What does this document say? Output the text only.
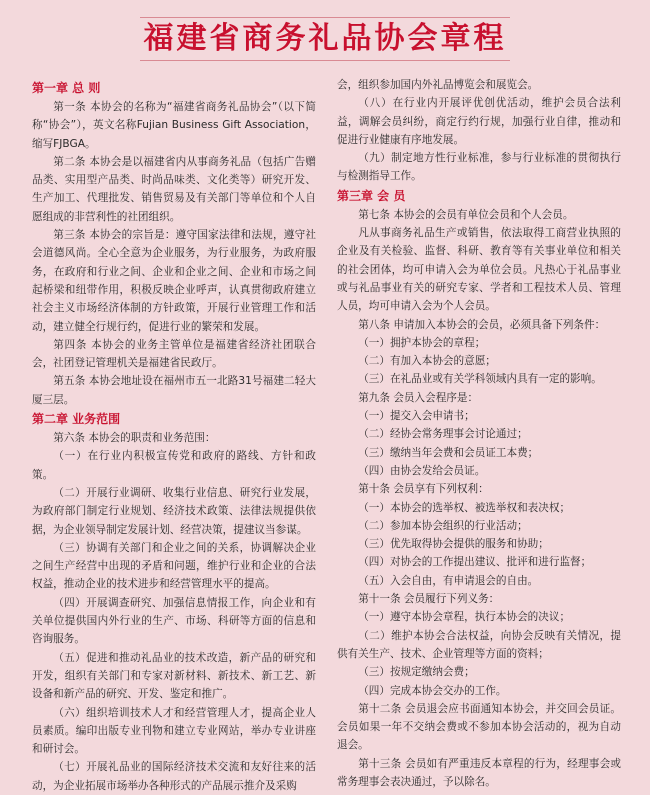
福建省商务礼品协会章程

第一章 总 则

第一条 本协会的名称为“福建省商务礼品协会”（以下简称“协会”），英文名称Fujian Business Gift Association，缩写FJBGA。

第二条 本协会是以福建省内从事商务礼品（包括广告赠品类、实用型产品类、时尚品味类、文化类等）研究开发、生产加工、代理批发、销售贸易及有关部门等单位和个人自愿组成的非营利性的社团组织。

第三条 本协会的宗旨是：遵守国家法律和法规，遵守社会道德风尚。全心全意为企业服务，为行业服务，为政府服务，在政府和行业之间、企业和企业之间、企业和市场之间起桥梁和纽带作用，积极反映企业呼声，认真贯彻政府建立社会主义市场经济体制的方针政策，开展行业管理工作和活动，建立健全行规行约，促进行业的繁荣和发展。

第四条 本协会的业务主管单位是福建省经济社团联合会，社团登记管理机关是福建省民政厅。

第五条 本协会地址设在福州市五一北路31号福建二轻大厦三层。

第二章 业务范围

第六条 本协会的职责和业务范围：

（一）在行业内积极宣传党和政府的路线、方针和政策。

（二）开展行业调研、收集行业信息、研究行业发展，为政府部门制定行业规划、经济技术政策、法律法规提供依据，为企业领导制定发展计划、经营决策，提建议当参谋。

（三）协调有关部门和企业之间的关系，协调解决企业之间生产经营中出现的矛盾和问题，维护行业和企业的合法权益，推动企业的技术进步和经营管理水平的提高。

（四）开展调查研究、加强信息情报工作，向企业和有关单位提供国内外行业的生产、市场、科研等方面的信息和咨询服务。

（五）促进和推动礼品业的技术改造，新产品的研究和开发，组织有关部门和专家对新材料、新技术、新工艺、新设备和新产品的研究、开发、鉴定和推广。

（六）组织培训技术人才和经营管理人才，提高企业人员素质。编印出版专业刊物和建立专业网站，举办专业讲座和研讨会。

（七）开展礼品业的国际经济技术交流和友好往来的活动，为企业拓展市场举办各种形式的产品展示推介及采购

会，组织参加国内外礼品博览会和展览会。

（八）在行业内开展评优创优活动，维护会员合法利益，调解会员纠纷，商定行约行规，加强行业自律，推动和促进行业健康有序地发展。

（九）制定地方性行业标准，参与行业标准的贯彻执行与检测指导工作。

第三章 会 员

第七条 本协会的会员有单位会员和个人会员。

凡从事商务礼品生产或销售，依法取得工商营业执照的企业及有关检验、监督、科研、教育等有关事业单位和相关的社会团体，均可申请入会为单位会员。凡热心于礼品事业或与礼品事业有关的研究专家、学者和工程技术人员、管理人员，均可申请入会为个人会员。

第八条 申请加入本协会的会员，必须具备下列条件：

（一）拥护本协会的章程；

（二）有加入本协会的意愿；

（三）在礼品业或有关学科领域内具有一定的影响。

第九条 会员入会程序是：

（一）提交入会申请书；

（二）经协会常务理事会讨论通过；

（三）缴纳当年会费和会员证工本费；

（四）由协会发给会员证。

第十条 会员享有下列权利：

（一）本协会的选举权、被选举权和表决权；

（二）参加本协会组织的行业活动；

（三）优先取得协会提供的服务和协助；

（四）对协会的工作提出建议、批评和进行监督；

（五）入会自由，有申请退会的自由。

第十一条 会员履行下列义务：

（一）遵守本协会章程，执行本协会的决议；

（二）维护本协会合法权益，向协会反映有关情况，提供有关生产、技术、企业管理等方面的资料；

（三）按规定缴纳会费；

（四）完成本协会交办的工作。

第十二条 会员退会应书面通知本协会，并交回会员证。会员如果一年不交纳会费或不参加本协会活动的，视为自动退会。

第十三条 会员如有严重违反本章程的行为，经理事会或常务理事会表决通过，予以除名。
